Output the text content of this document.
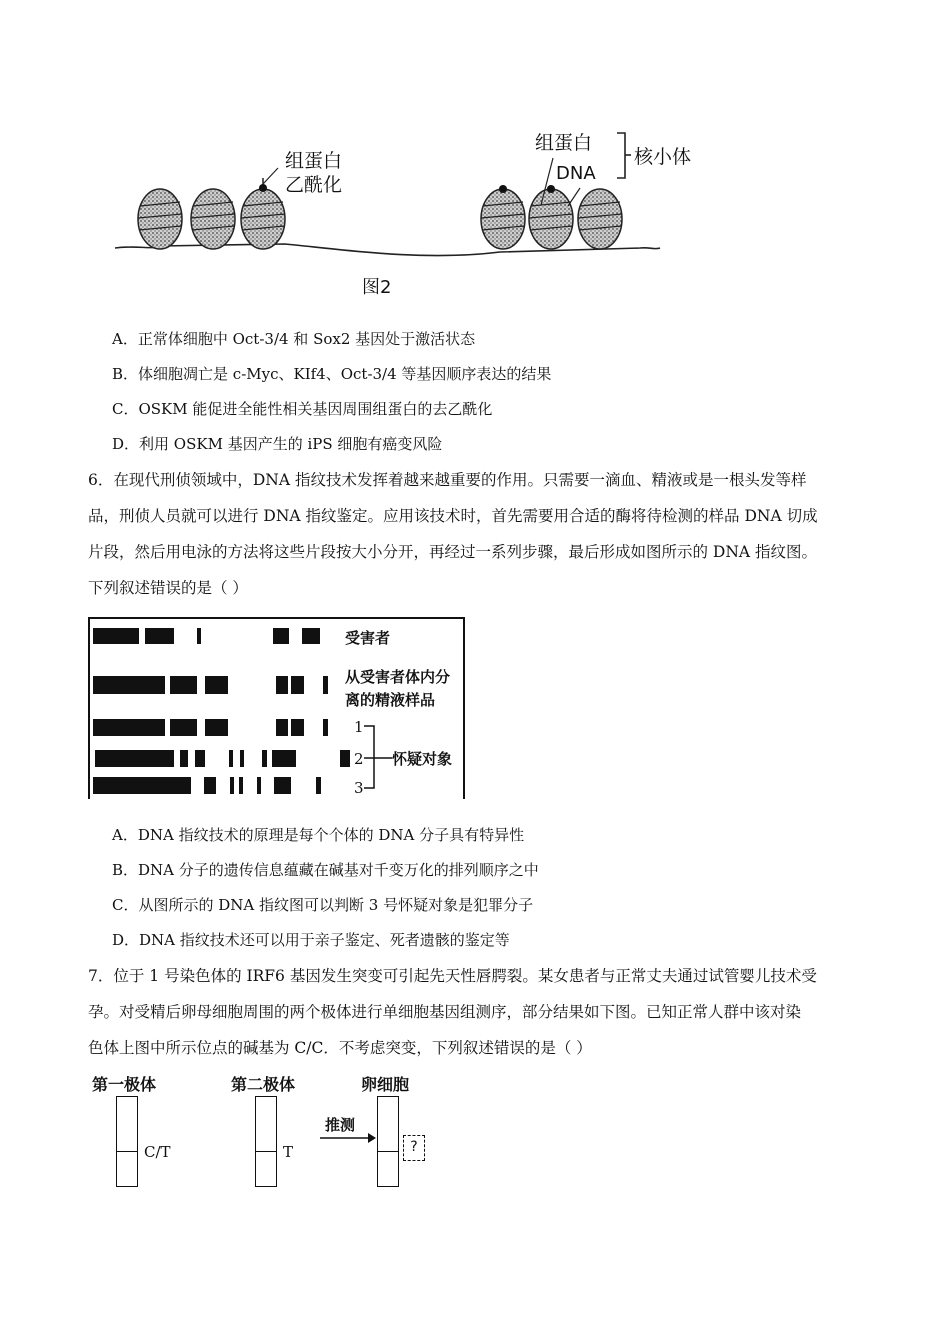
组蛋白
乙酰化
组蛋白
DNA
核小体
图2
A．正常体细胞中 Oct-3/4 和 Sox2 基因处于激活状态
B．体细胞凋亡是 c-Myc、KIf4、Oct-3/4 等基因顺序表达的结果
C．OSKM 能促进全能性相关基因周围组蛋白的去乙酰化
D．利用 OSKM 基因产生的 iPS 细胞有癌变风险
6．在现代刑侦领域中，DNA 指纹技术发挥着越来越重要的作用。只需要一滴血、精液或是一根头发等样
品，刑侦人员就可以进行 DNA 指纹鉴定。应用该技术时，首先需要用合适的酶将待检测的样品 DNA 切成
片段，然后用电泳的方法将这些片段按大小分开，再经过一系列步骤，最后形成如图所示的 DNA 指纹图。
下列叙述错误的是（ ）
受害者
从受害者体内分
离的精液样品
1
2
3
怀疑对象
A．DNA 指纹技术的原理是每个个体的 DNA 分子具有特异性
B．DNA 分子的遗传信息蕴藏在碱基对千变万化的排列顺序之中
C．从图所示的 DNA 指纹图可以判断 3 号怀疑对象是犯罪分子
D．DNA 指纹技术还可以用于亲子鉴定、死者遗骸的鉴定等
7．位于 1 号染色体的 IRF6 基因发生突变可引起先天性唇腭裂。某女患者与正常丈夫通过试管婴儿技术受
孕。对受精后卵母细胞周围的两个极体进行单细胞基因组测序，部分结果如下图。已知正常人群中该对染
色体上图中所示位点的碱基为 C/C．不考虑突变，下列叙述错误的是（ ）
第一极体	第二极体	卵细胞
C/T	T
推测
?
